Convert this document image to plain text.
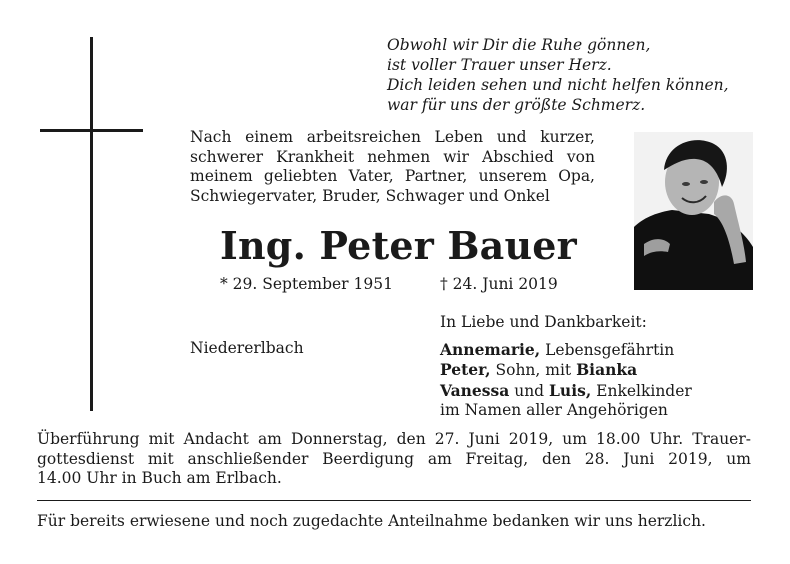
Obwohl wir Dir die Ruhe gönnen,
ist voller Trauer unser Herz.
Dich leiden sehen und nicht helfen können,
war für uns der größte Schmerz.
Nach einem arbeitsreichen Leben und kurzer,
schwerer Krankheit nehmen wir Abschied von
meinem geliebten Vater, Partner, unserem Opa,
Schwiegervater, Bruder, Schwager und Onkel
Ing. Peter Bauer
* 29. September 1951	† 24. Juni 2019
Niedererlbach
In Liebe und Dankbarkeit:
Annemarie, Lebensgefährtin
Peter, Sohn, mit Bianka
Vanessa und Luis, Enkelkinder
im Namen aller Angehörigen
Überführung mit Andacht am Donnerstag, den 27. Juni 2019, um 18.00 Uhr. Trauer-
gottesdienst mit anschließender Beerdigung am Freitag, den 28. Juni 2019, um
14.00 Uhr in Buch am Erlbach.
Für bereits erwiesene und noch zugedachte Anteilnahme bedanken wir uns herzlich.
